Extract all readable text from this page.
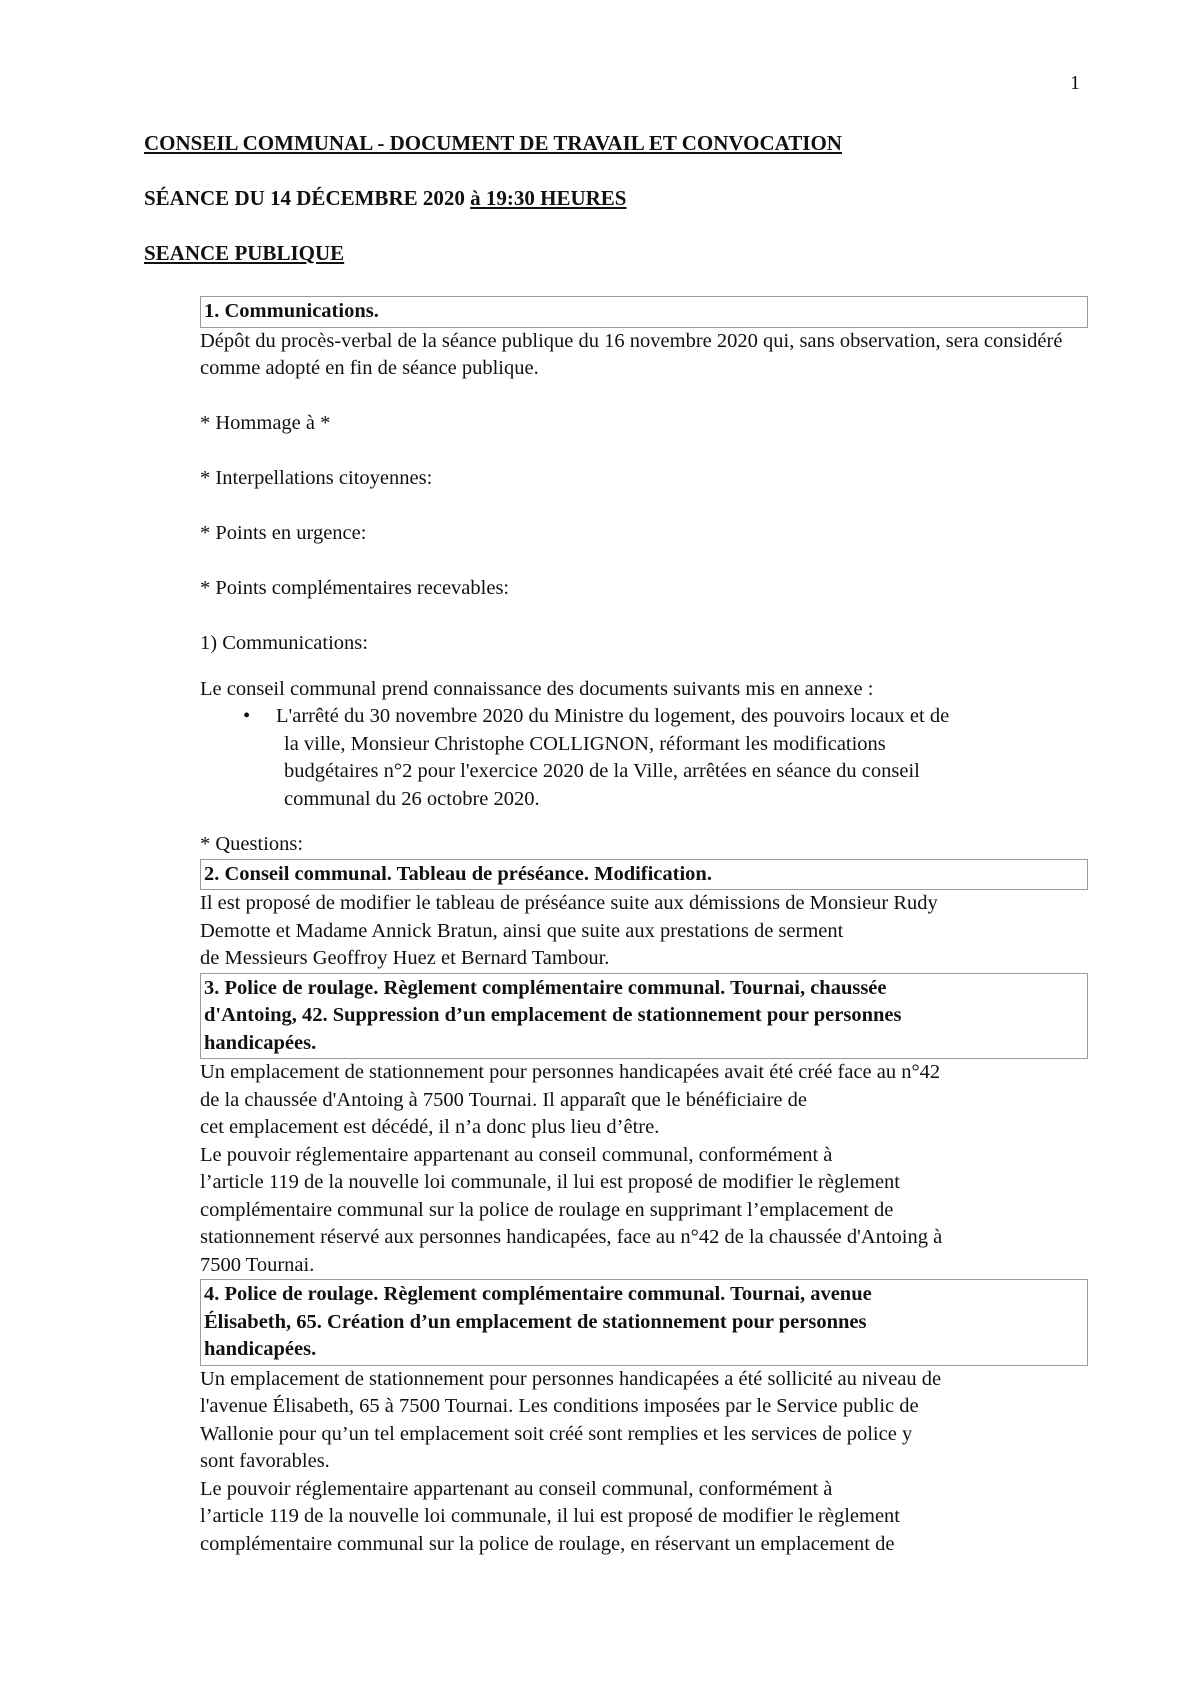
1
CONSEIL COMMUNAL - DOCUMENT DE TRAVAIL ET CONVOCATION
SÉANCE DU 14 DÉCEMBRE 2020 à 19:30 HEURES
SEANCE PUBLIQUE
1. Communications.

Dépôt du procès-verbal de la séance publique du 16 novembre 2020 qui, sans observation, sera considéré comme adopté en fin de séance publique.

* Hommage à *

* Interpellations citoyennes:

* Points en urgence:

* Points complémentaires recevables:

1) Communications:

Le conseil communal prend connaissance des documents suivants mis en annexe :

• L'arrêté du 30 novembre 2020 du Ministre du logement, des pouvoirs locaux et de
la ville, Monsieur Christophe COLLIGNON, réformant les modifications
budgétaires n°2 pour l'exercice 2020 de la Ville, arrêtées en séance du conseil
communal du 26 octobre 2020.

* Questions:

2. Conseil communal. Tableau de préséance. Modification.
Il est proposé de modifier le tableau de préséance suite aux démissions de Monsieur Rudy
Demotte et Madame Annick Bratun, ainsi que suite aux prestations de serment
de Messieurs Geoffroy Huez et Bernard Tambour.
3. Police de roulage. Règlement complémentaire communal. Tournai, chaussée
d'Antoing, 42. Suppression d’un emplacement de stationnement pour personnes
handicapées.
Un emplacement de stationnement pour personnes handicapées avait été créé face au n°42
de la chaussée d'Antoing à 7500 Tournai. Il apparaît que le bénéficiaire de
cet emplacement est décédé, il n’a donc plus lieu d’être.
Le pouvoir réglementaire appartenant au conseil communal, conformément à
l’article 119 de la nouvelle loi communale, il lui est proposé de modifier le règlement
complémentaire communal sur la police de roulage en supprimant l’emplacement de
stationnement réservé aux personnes handicapées, face au n°42 de la chaussée d'Antoing à
7500 Tournai.
4. Police de roulage. Règlement complémentaire communal. Tournai, avenue
Élisabeth, 65. Création d’un emplacement de stationnement pour personnes
handicapées.
Un emplacement de stationnement pour personnes handicapées a été sollicité au niveau de
l'avenue Élisabeth, 65 à 7500 Tournai. Les conditions imposées par le Service public de
Wallonie pour qu’un tel emplacement soit créé sont remplies et les services de police y
sont favorables.
Le pouvoir réglementaire appartenant au conseil communal, conformément à
l’article 119 de la nouvelle loi communale, il lui est proposé de modifier le règlement
complémentaire communal sur la police de roulage, en réservant un emplacement de
